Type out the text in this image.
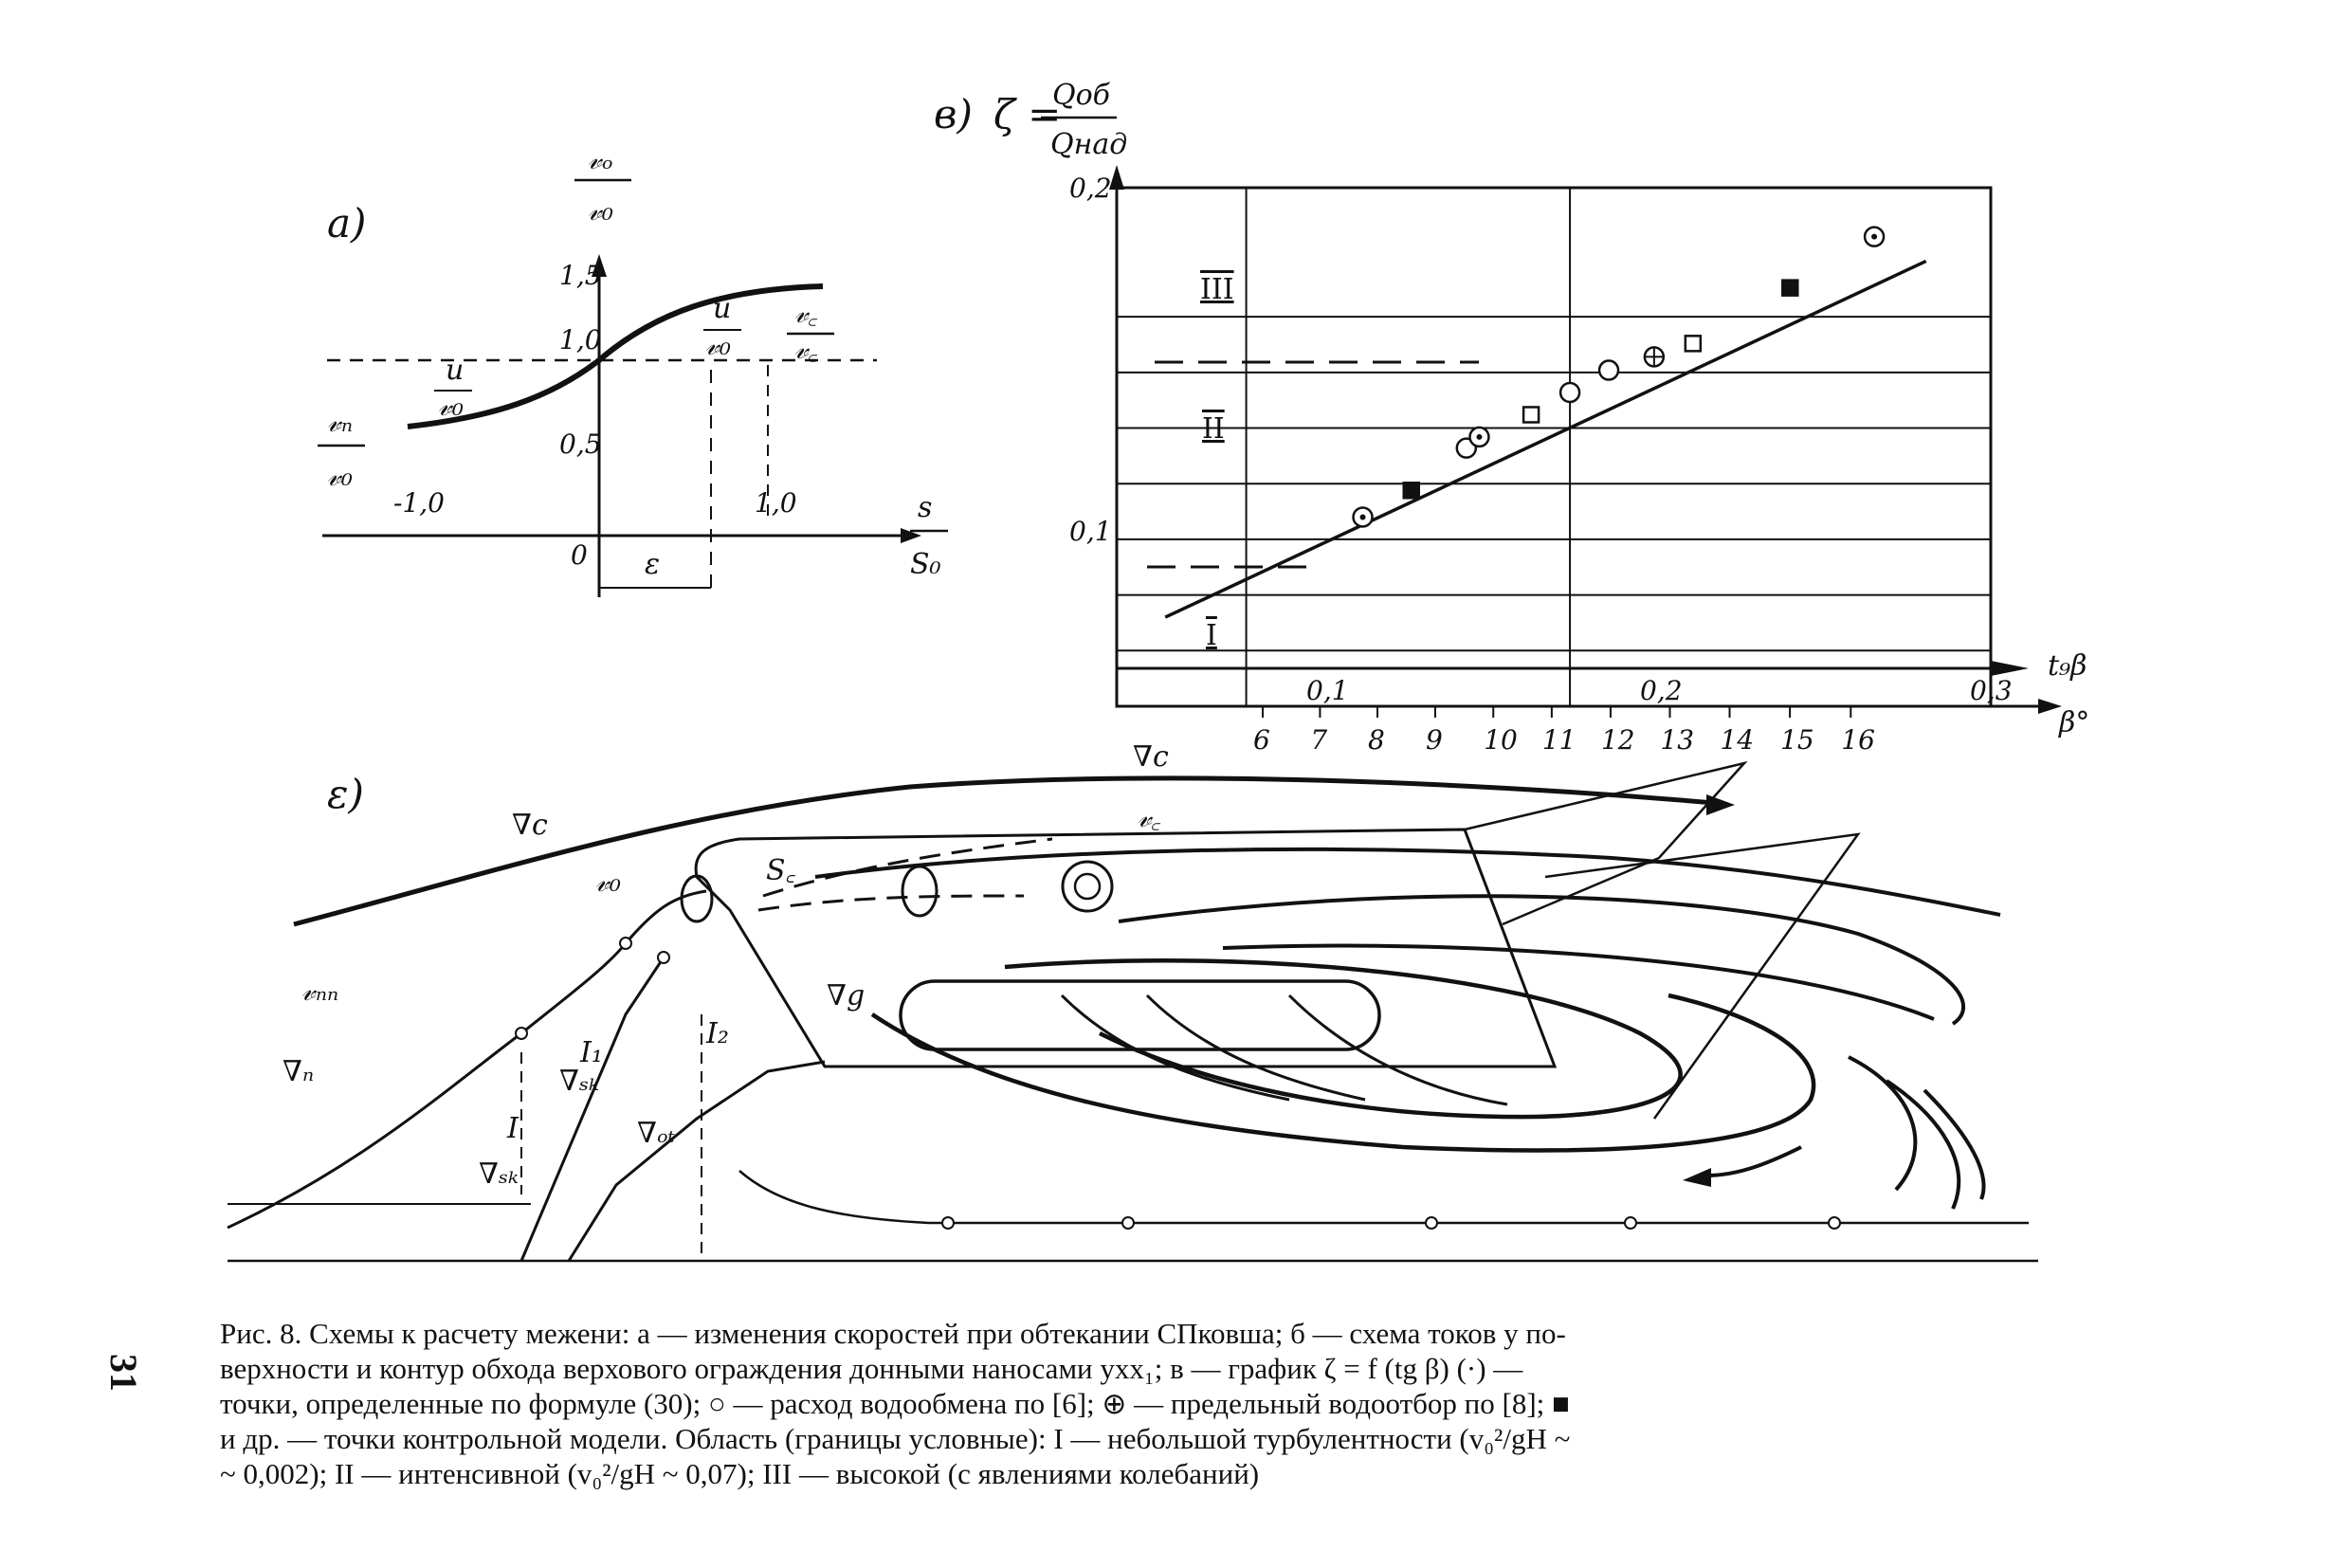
а)
𝓋ₒ
𝓋₀
1,5
1,0
0,5
-1,0
0
1,0	s
S₀
𝓋ₙ
𝓋₀
𝓋꜀
𝓋꜀
u
𝓋₀
u
𝓋₀
ε
в) ζ =
Qоб
Qнад
0,2
0,1
0,1	0,2	0,3
t₉β
β°
6 7 8 9 10 11 12 13 14 15 16
III
II
I
ε)
∇c
𝓋꜀
∇c
𝓋₀	S꜀
𝓋ₙₙ
∇ₙ
∇g
∇ₛₖ
∇ₒₜ
∇ₛₖ
I₁
I₂
I
31

Рис. 8. Схемы к расчету межени: а — изменения скоростей при обтекании СПковша; б — схема токов у по-

верхности и контур обхода верхового ограждения донными наносами ухх₁; в — график ζ = f (tg β) (·) —

точки, определенные по формуле (30); ○ — расход водообмена по [6]; ⊕ — предельный водоотбор по [8]; ■

и др. — точки контрольной модели. Область (границы условные): I — небольшой турбулентности (v₀²/gH ~

~ 0,002); II — интенсивной (v₀²/gH ~ 0,07); III — высокой (с явлениями колебаний)
